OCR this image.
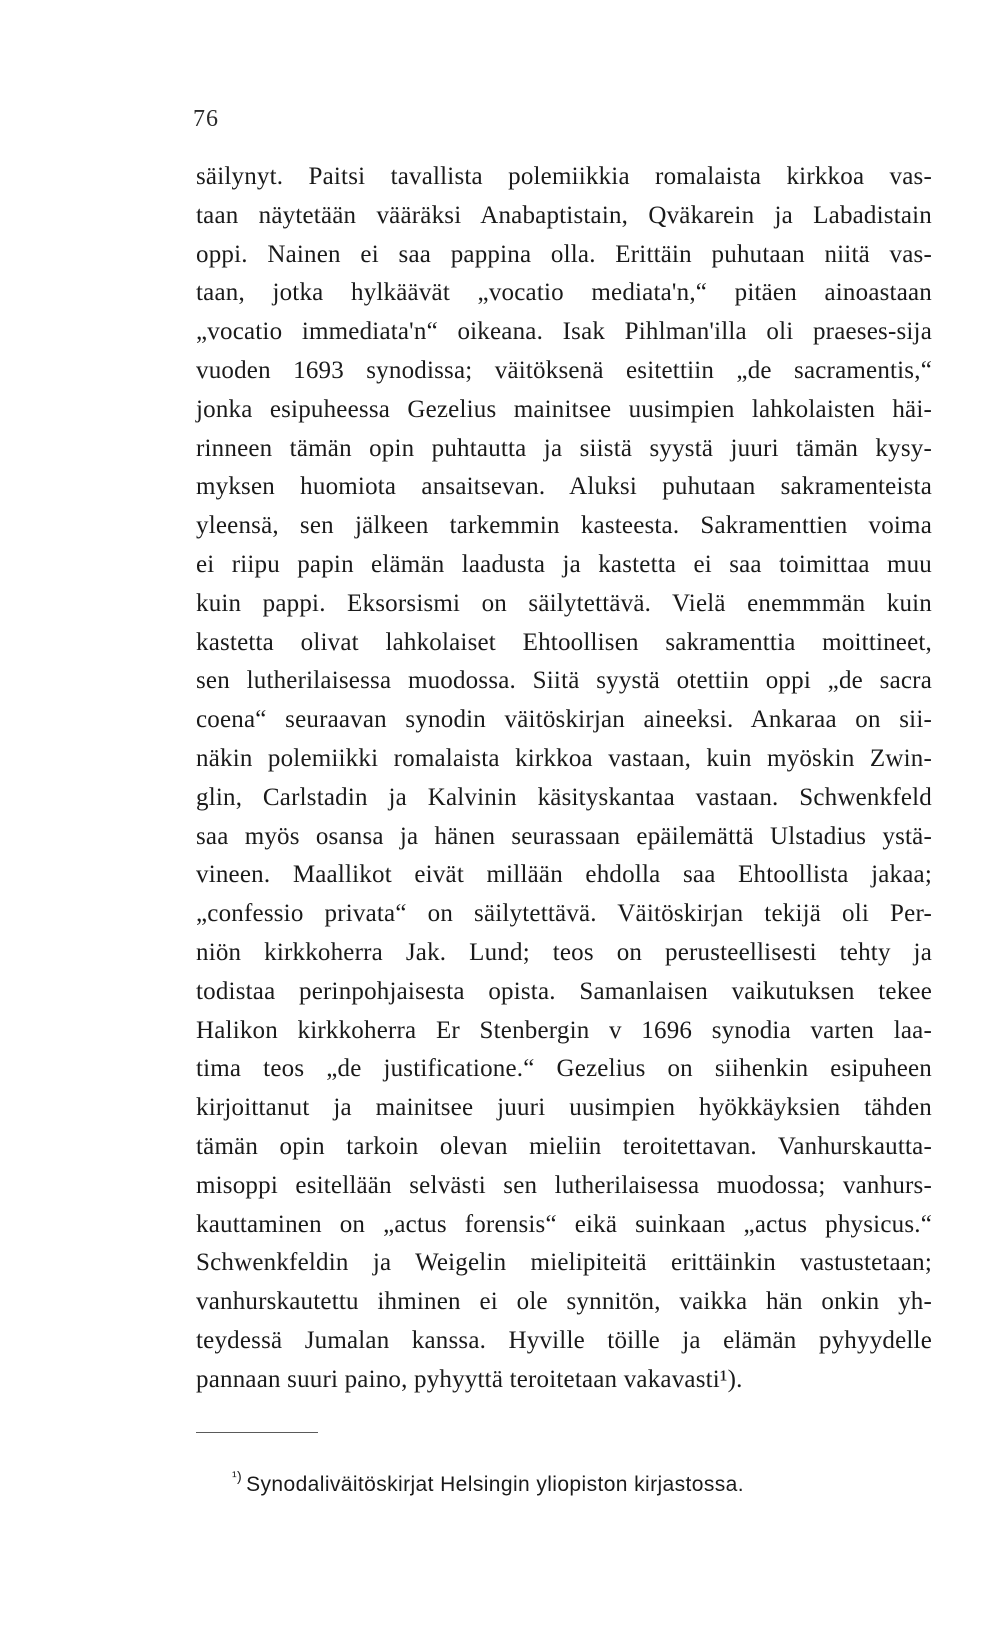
76
säilynyt. Paitsi tavallista polemiikkia romalaista kirkkoa vas-
taan näytetään vääräksi Anabaptistain, Qväkarein ja Labadistain
oppi. Nainen ei saa pappina olla. Erittäin puhutaan niitä vas-
taan, jotka hylkäävät „vocatio mediata'n,“ pitäen ainoastaan
„vocatio immediata'n“ oikeana. Isak Pihlman'illa oli praeses-sija
vuoden 1693 synodissa; väitöksenä esitettiin „de sacramentis,“
jonka esipuheessa Gezelius mainitsee uusimpien lahkolaisten häi-
rinneen tämän opin puhtautta ja siistä syystä juuri tämän kysy-
myksen huomiota ansaitsevan. Aluksi puhutaan sakramenteista
yleensä, sen jälkeen tarkemmin kasteesta. Sakramenttien voima
ei riipu papin elämän laadusta ja kastetta ei saa toimittaa muu
kuin pappi. Eksorsismi on säilytettävä. Vielä enemmmän kuin
kastetta olivat lahkolaiset Ehtoollisen sakramenttia moittineet,
sen lutherilaisessa muodossa. Siitä syystä otettiin oppi „de sacra
coena“ seuraavan synodin väitöskirjan aineeksi. Ankaraa on sii-
näkin polemiikki romalaista kirkkoa vastaan, kuin myöskin Zwin-
glin, Carlstadin ja Kalvinin käsityskantaa vastaan. Schwenkfeld
saa myös osansa ja hänen seurassaan epäilemättä Ulstadius ystä-
vineen. Maallikot eivät millään ehdolla saa Ehtoollista jakaa;
„confessio privata“ on säilytettävä. Väitöskirjan tekijä oli Per-
niön kirkkoherra Jak. Lund; teos on perusteellisesti tehty ja
todistaa perinpohjaisesta opista. Samanlaisen vaikutuksen tekee
Halikon kirkkoherra Er Stenbergin v 1696 synodia varten laa-
tima teos „de justificatione.“ Gezelius on siihenkin esipuheen
kirjoittanut ja mainitsee juuri uusimpien hyökkäyksien tähden
tämän opin tarkoin olevan mieliin teroitettavan. Vanhurskautta-
misoppi esitellään selvästi sen lutherilaisessa muodossa; vanhurs-
kauttaminen on „actus forensis“ eikä suinkaan „actus physicus.“
Schwenkfeldin ja Weigelin mielipiteitä erittäinkin vastustetaan;
vanhurskautettu ihminen ei ole synnitön, vaikka hän onkin yh-
teydessä Jumalan kanssa. Hyville töille ja elämän pyhyydelle
pannaan suuri paino, pyhyyttä teroitetaan vakavasti¹).
$^{^1)}$ Synodaliväitöskirjat Helsingin yliopiston kirjastossa.
